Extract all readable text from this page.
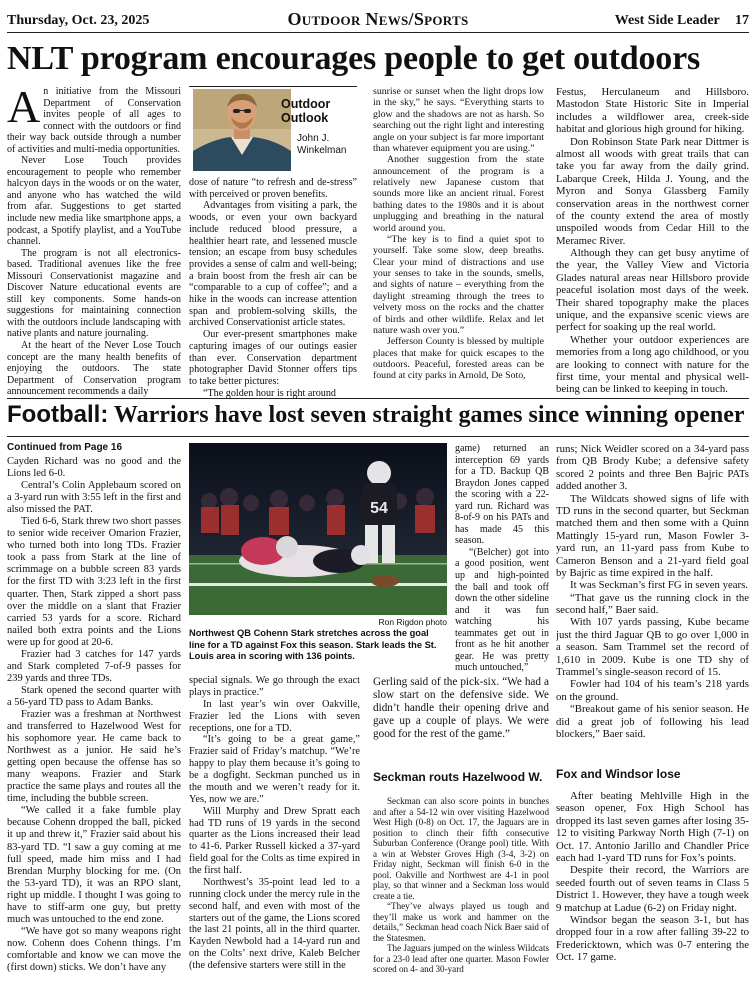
Thursday, Oct. 23, 2025	Outdoor News/Sports	West Side Leader 17
NLT program encourages people to get outdoors

An initiative from the Missouri Department of Conservation invites people of all ages to connect with the outdoors or find their way back outside through a number of activities and multi-media opportunities.

Never Lose Touch provides encouragement to people who remember halcyon days in the woods or on the water, and anyone who has watched the wild from afar. Suggestions to get started include new media like smartphone apps, a podcast, a Spotify playlist, and a YouTube channel.

The program is not all electronics-based. Traditional avenues like the free Missouri Conservationist magazine and Discover Nature educational events are still key components. Some hands-on suggestions for maintaining connection with the outdoors include landscaping with native plants and nature journaling.

At the heart of the Never Lose Touch concept are the many health benefits of enjoying the outdoors. The state Department of Conservation program announcement recommends a daily

Outdoor
Outlook
John J.
Winkelman

dose of nature “to refresh and de-stress” with perceived or proven benefits.

Advantages from visiting a park, the woods, or even your own backyard include reduced blood pressure, a healthier heart rate, and lessened muscle tension; an escape from busy schedules provides a sense of calm and well-being; a brain boost from the fresh air can be “comparable to a cup of coffee”; and a hike in the woods can increase attention span and problem-solving skills, the archived Conservationist article states.

Our ever-present smartphones make capturing images of our outings easier than ever. Conservation department photographer David Stonner offers tips to take better pictures:

“The golden hour is right around

sunrise or sunset when the light drops low in the sky,” he says. “Everything starts to glow and the shadows are not as harsh. So searching out the right light and interesting angle on your subject is far more important than whatever equipment you are using.”

Another suggestion from the state announcement of the program is a relatively new Japanese custom that sounds more like an ancient ritual. Forest bathing dates to the 1980s and it is about unplugging and breathing in the natural world around you.

“The key is to find a quiet spot to yourself. Take some slow, deep breaths. Clear your mind of distractions and use your senses to take in the sounds, smells, and sights of nature – everything from the daylight streaming through the trees to velvety moss on the rocks and the chatter of birds and other wildlife. Relax and let nature wash over you.”

Jefferson County is blessed by multiple places that make for quick escapes to the outdoors. Peaceful, forested areas can be found at city parks in Arnold, De Soto,

Festus, Herculaneum and Hillsboro. Mastodon State Historic Site in Imperial includes a wildflower area, creek-side habitat and glorious high ground for hiking.

Don Robinson State Park near Dittmer is almost all woods with great trails that can take you far away from the daily grind. Labarque Creek, Hilda J. Young, and the Myron and Sonya Glassberg Family conservation areas in the northwest corner of the county extend the area of mostly unspoiled woods from Cedar Hill to the Meramec River.

Although they can get busy anytime of the year, the Valley View and Victoria Glades natural areas near Hillsboro provide peaceful isolation most days of the week. Their shared topography make the places unique, and the expansive scenic views are perfect for soaking up the real world.

Whether your outdoor experiences are memories from a long ago childhood, or you are looking to connect with nature for the first time, your mental and physical well-being can be linked to keeping in touch.

Football: Warriors have lost seven straight games since winning opener
Continued from Page 16

Cayden Richard was no good and the Lions led 6-0.

Central’s Colin Applebaum scored on a 3-yard run with 3:55 left in the first and also missed the PAT.

Tied 6-6, Stark threw two short passes to senior wide receiver Omarion Frazier, who turned both into long TDs. Frazier took a pass from Stark at the line of scrimmage on a bubble screen 83 yards for the first TD with 3:23 left in the first quarter. Then, Stark zipped a short pass over the middle on a slant that Frazier carried 53 yards for a score. Richard nailed both extra points and the Lions were up for good at 20-6.

Frazier had 3 catches for 147 yards and Stark completed 7-of-9 passes for 239 yards and three TDs.

Stark opened the second quarter with a 56-yard TD pass to Adam Banks.

Frazier was a freshman at Northwest and transferred to Hazelwood West for his sophomore year. He came back to Northwest as a junior. He said he’s getting open because the offense has so many weapons. Frazier and Stark practice the same plays and routes all the time, including the bubble screen.

“We called it a fake fumble play because Cohenn dropped the ball, picked it up and threw it,” Frazier said about his 83-yard TD. “I saw a guy coming at me full speed, made him miss and I had Brendan Murphy blocking for me. (On the 53-yard TD), it was an RPO slant, right up middle. I thought I was going to have to stiff-arm one guy, but pretty much was untouched to the end zone.

“We have got so many weapons right now. Cohenn does Cohenn things. I’m comfortable and know we can move the (first down) sticks. We don’t have any

54
Ron Rigdon photo
Northwest QB Cohenn Stark stretches across the goal line for a TD against Fox this season. Stark leads the St. Louis area in scoring with 136 points.

special signals. We go through the exact plays in practice.”

In last year’s win over Oakville, Frazier led the Lions with seven receptions, one for a TD.

“It’s going to be a great game,” Frazier said of Friday’s matchup. “We’re happy to play them because it’s going to be a dogfight. Seckman punched us in the mouth and we weren’t ready for it. Yes, now we are.”

Will Murphy and Drew Spratt each had TD runs of 19 yards in the second quarter as the Lions increased their lead to 41-6. Parker Russell kicked a 37-yard field goal for the Colts as time expired in the first half.

Northwest’s 35-point lead led to a running clock under the mercy rule in the second half, and even with most of the starters out of the game, the Lions scored the last 21 points, all in the third quarter. Kayden Newbold had a 14-yard run and on the Colts’ next drive, Kaleb Belcher (the defensive starters were still in the

game) returned an interception 69 yards for a TD. Backup QB Braydon Jones capped the scoring with a 22-yard run. Richard was 8-of-9 on his PATs and has made 45 this season.

“(Belcher) got into a good position, went up and high-pointed the ball and took off down the other sideline and it was fun watching his teammates get out in front as he hit another gear. He was pretty much untouched,”

Gerling said of the pick-six. “We had a slow start on the defensive side. We didn’t handle their opening drive and gave up a couple of plays. We were good for the rest of the game.”

Seckman routs Hazelwood W.

Seckman can also score points in bunches and after a 54-12 win over visiting Hazelwood West High (0-8) on Oct. 17, the Jaguars are in position to clinch their fifth consecutive Suburban Conference (Orange pool) title. With a win at Webster Groves High (3-4, 3-2) on Friday night, Seckman will finish 6-0 in the pool. Oakville and Northwest are 4-1 in pool play, so that winner and a Seckman loss would create a tie.

“They’ve always played us tough and they’ll make us work and hammer on the details,” Seckman head coach Nick Baer said of the Statesmen.

The Jaguars jumped on the winless Wildcats for a 23-0 lead after one quarter. Mason Fowler scored on 4- and 30-yard

runs; Nick Weidler scored on a 34-yard pass from QB Brody Kube; a defensive safety scored 2 points and three Ben Bajric PATs added another 3.

The Wildcats showed signs of life with TD runs in the second quarter, but Seckman matched them and then some with a Quinn Mattingly 15-yard run, Mason Fowler 3-yard run, an 11-yard pass from Kube to Cameron Benson and a 21-yard field goal by Bajric as time expired in the half.

It was Seckman’s first FG in seven years.

“That gave us the running clock in the second half,” Baer said.

With 107 yards passing, Kube became just the third Jaguar QB to go over 1,000 in a season. Sam Trammel set the record of 1,610 in 2009. Kube is one TD shy of Trammel’s single-season record of 15.

Fowler had 104 of his team’s 218 yards on the ground.

“Breakout game of his senior season. He did a great job of following his lead blockers,” Baer said.

Fox and Windsor lose

After beating Mehlville High in the season opener, Fox High School has dropped its last seven games after losing 35-12 to visiting Parkway North High (7-1) on Oct. 17. Antonio Jarillo and Chandler Price each had 1-yard TD runs for Fox’s points.

Despite their record, the Warriors are seeded fourth out of seven teams in Class 5 District 1. However, they have a tough week 9 matchup at Ladue (6-2) on Friday night.

Windsor began the season 3-1, but has dropped four in a row after falling 39-22 to Fredericktown, which was 0-7 entering the Oct. 17 game.
